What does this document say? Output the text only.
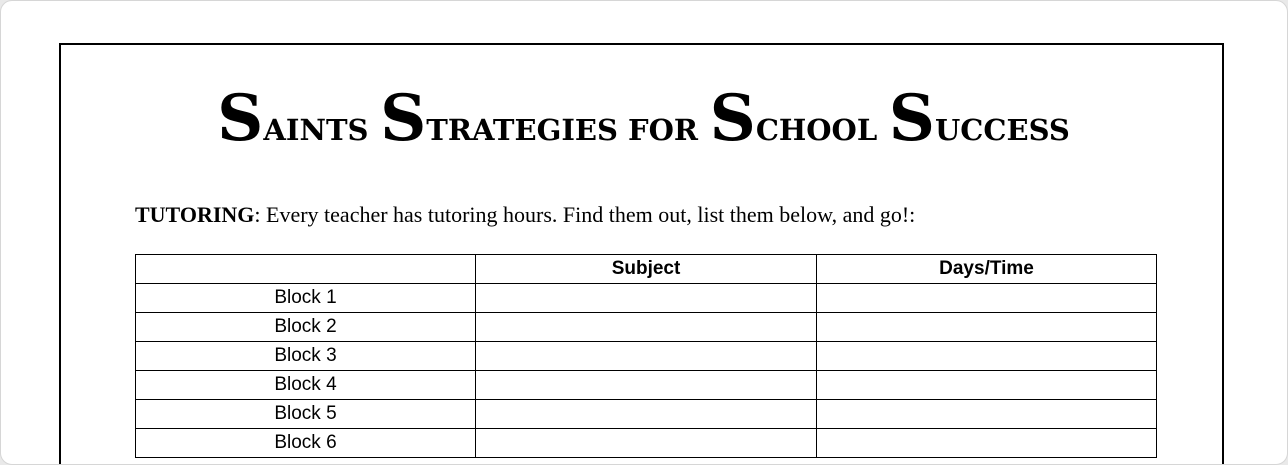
SAINTS STRATEGIES FOR SCHOOL SUCCESS
TUTORING: Every teacher has tutoring hours. Find them out, list them below, and go!:
	Subject	Days/Time
Block 1		
Block 2		
Block 3		
Block 4		
Block 5		
Block 6		
